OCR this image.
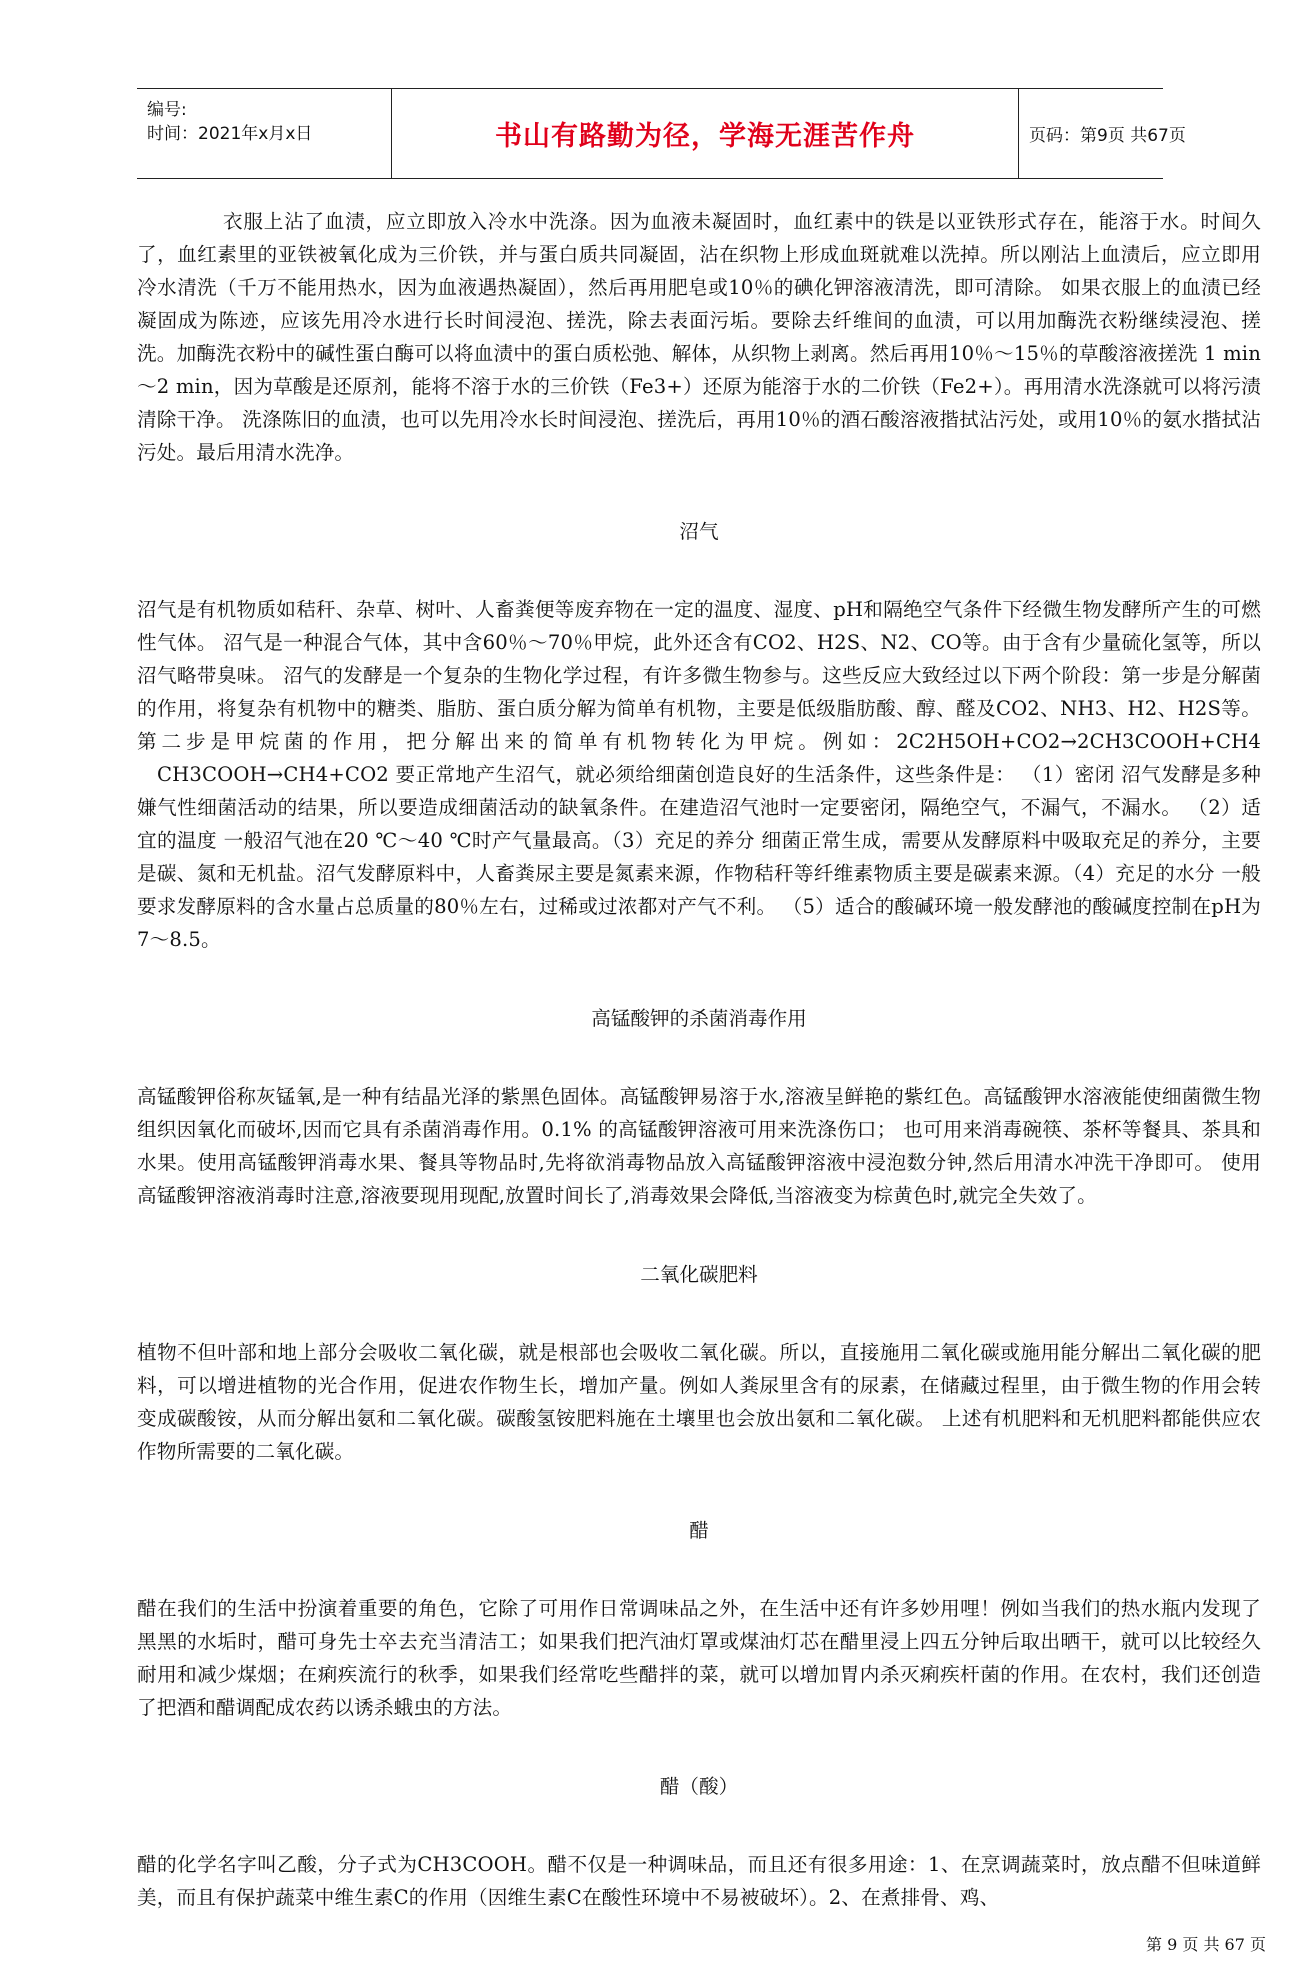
编号:
时间：2021年x月x日	书山有路勤为径，学海无涯苦作舟	页码：第9页 共67页

衣服上沾了血渍，应立即放入冷水中洗涤。因为血液未凝固时，血红素中的铁是以亚铁形式存在，能溶于水。时间久了，血红素里的亚铁被氧化成为三价铁，并与蛋白质共同凝固，沾在织物上形成血斑就难以洗掉。所以刚沾上血渍后，应立即用冷水清洗（千万不能用热水，因为血液遇热凝固），然后再用肥皂或10％的碘化钾溶液清洗，即可清除。 如果衣服上的血渍已经凝固成为陈迹，应该先用冷水进行长时间浸泡、搓洗，除去表面污垢。要除去纤维间的血渍，可以用加酶洗衣粉继续浸泡、搓洗。加酶洗衣粉中的碱性蛋白酶可以将血渍中的蛋白质松弛、解体，从织物上剥离。然后再用10％～15％的草酸溶液搓洗 1 min～2 min，因为草酸是还原剂，能将不溶于水的三价铁（Fe3+）还原为能溶于水的二价铁（Fe2+）。再用清水洗涤就可以将污渍清除干净。 洗涤陈旧的血渍，也可以先用冷水长时间浸泡、搓洗后，再用10％的酒石酸溶液揩拭沾污处，或用10％的氨水揩拭沾污处。最后用清水洗净。

沼气

沼气是有机物质如秸秆、杂草、树叶、人畜粪便等废弃物在一定的温度、湿度、pH和隔绝空气条件下经微生物发酵所产生的可燃性气体。 沼气是一种混合气体，其中含60％～70％甲烷，此外还含有CO2、H2S、N2、CO等。由于含有少量硫化氢等，所以沼气略带臭味。 沼气的发酵是一个复杂的生物化学过程，有许多微生物参与。这些反应大致经过以下两个阶段：第一步是分解菌的作用，将复杂有机物中的糖类、脂肪、蛋白质分解为简单有机物，主要是低级脂肪酸、醇、醛及CO2、NH3、H2、H2S等。第二步是甲烷菌的作用，把分解出来的简单有机物转化为甲烷。例如：2C2H5OH+CO2→2CH3COOH+CH4 　CH3COOH→CH4+CO2 要正常地产生沼气，就必须给细菌创造良好的生活条件，这些条件是： （1）密闭 沼气发酵是多种嫌气性细菌活动的结果，所以要造成细菌活动的缺氧条件。在建造沼气池时一定要密闭，隔绝空气，不漏气，不漏水。 （2）适宜的温度 一般沼气池在20 ℃～40 ℃时产气量最高。（3）充足的养分 细菌正常生成，需要从发酵原料中吸取充足的养分，主要是碳、氮和无机盐。沼气发酵原料中，人畜粪尿主要是氮素来源，作物秸秆等纤维素物质主要是碳素来源。（4）充足的水分 一般要求发酵原料的含水量占总质量的80％左右，过稀或过浓都对产气不利。 （5）适合的酸碱环境一般发酵池的酸碱度控制在pH为7～8.5。

高锰酸钾的杀菌消毒作用

高锰酸钾俗称灰锰氧,是一种有结晶光泽的紫黑色固体。高锰酸钾易溶于水,溶液呈鲜艳的紫红色。高锰酸钾水溶液能使细菌微生物组织因氧化而破坏,因而它具有杀菌消毒作用。0.1% 的高锰酸钾溶液可用来洗涤伤口； 也可用来消毒碗筷、茶杯等餐具、茶具和水果。使用高锰酸钾消毒水果、餐具等物品时,先将欲消毒物品放入高锰酸钾溶液中浸泡数分钟,然后用清水冲洗干净即可。 使用高锰酸钾溶液消毒时注意,溶液要现用现配,放置时间长了,消毒效果会降低,当溶液变为棕黄色时,就完全失效了。

二氧化碳肥料

植物不但叶部和地上部分会吸收二氧化碳，就是根部也会吸收二氧化碳。所以，直接施用二氧化碳或施用能分解出二氧化碳的肥料，可以增进植物的光合作用，促进农作物生长，增加产量。例如人粪尿里含有的尿素，在储藏过程里，由于微生物的作用会转变成碳酸铵，从而分解出氨和二氧化碳。碳酸氢铵肥料施在土壤里也会放出氨和二氧化碳。 上述有机肥料和无机肥料都能供应农作物所需要的二氧化碳。

醋

醋在我们的生活中扮演着重要的角色，它除了可用作日常调味品之外，在生活中还有许多妙用哩！例如当我们的热水瓶内发现了黑黑的水垢时，醋可身先士卒去充当清洁工；如果我们把汽油灯罩或煤油灯芯在醋里浸上四五分钟后取出晒干，就可以比较经久耐用和减少煤烟；在痢疾流行的秋季，如果我们经常吃些醋拌的菜，就可以增加胃内杀灭痢疾杆菌的作用。在农村，我们还创造了把酒和醋调配成农药以诱杀蛾虫的方法。

醋（酸）

醋的化学名字叫乙酸，分子式为CH3COOH。醋不仅是一种调味品，而且还有很多用途：1、在烹调蔬菜时，放点醋不但味道鲜美，而且有保护蔬菜中维生素C的作用（因维生素C在酸性环境中不易被破坏）。2、在煮排骨、鸡、

第 9 页 共 67 页
